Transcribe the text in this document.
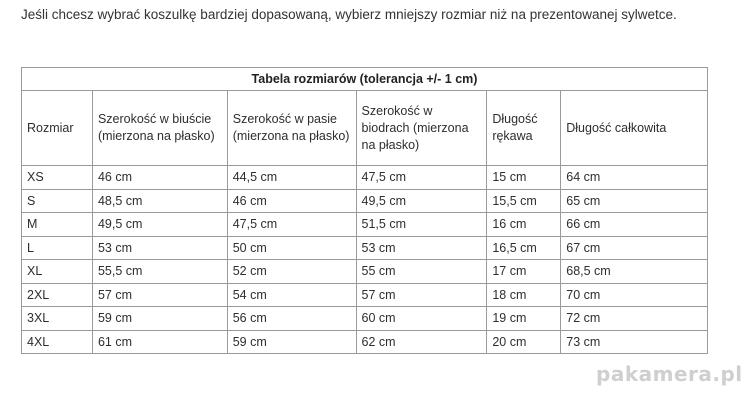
Jeśli chcesz wybrać koszulkę bardziej dopasowaną, wybierz mniejszy rozmiar niż na prezentowanej sylwetce.
Tabela rozmiarów (tolerancja +/- 1 cm)					
Rozmiar	Szerokość w biuście (mierzona na płasko)	Szerokość w pasie (mierzona na płasko)	Szerokość w biodrach (mierzona na płasko)	Długość rękawa	Długość całkowita
XS	46 cm	44,5 cm	47,5 cm	15 cm	64 cm
S	48,5 cm	46 cm	49,5 cm	15,5 cm	65 cm
M	49,5 cm	47,5 cm	51,5 cm	16 cm	66 cm
L	53 cm	50 cm	53 cm	16,5 cm	67 cm
XL	55,5 cm	52 cm	55 cm	17 cm	68,5 cm
2XL	57 cm	54 cm	57 cm	18 cm	70 cm
3XL	59 cm	56 cm	60 cm	19 cm	72 cm
4XL	61 cm	59 cm	62 cm	20 cm	73 cm
pakamera.pl
